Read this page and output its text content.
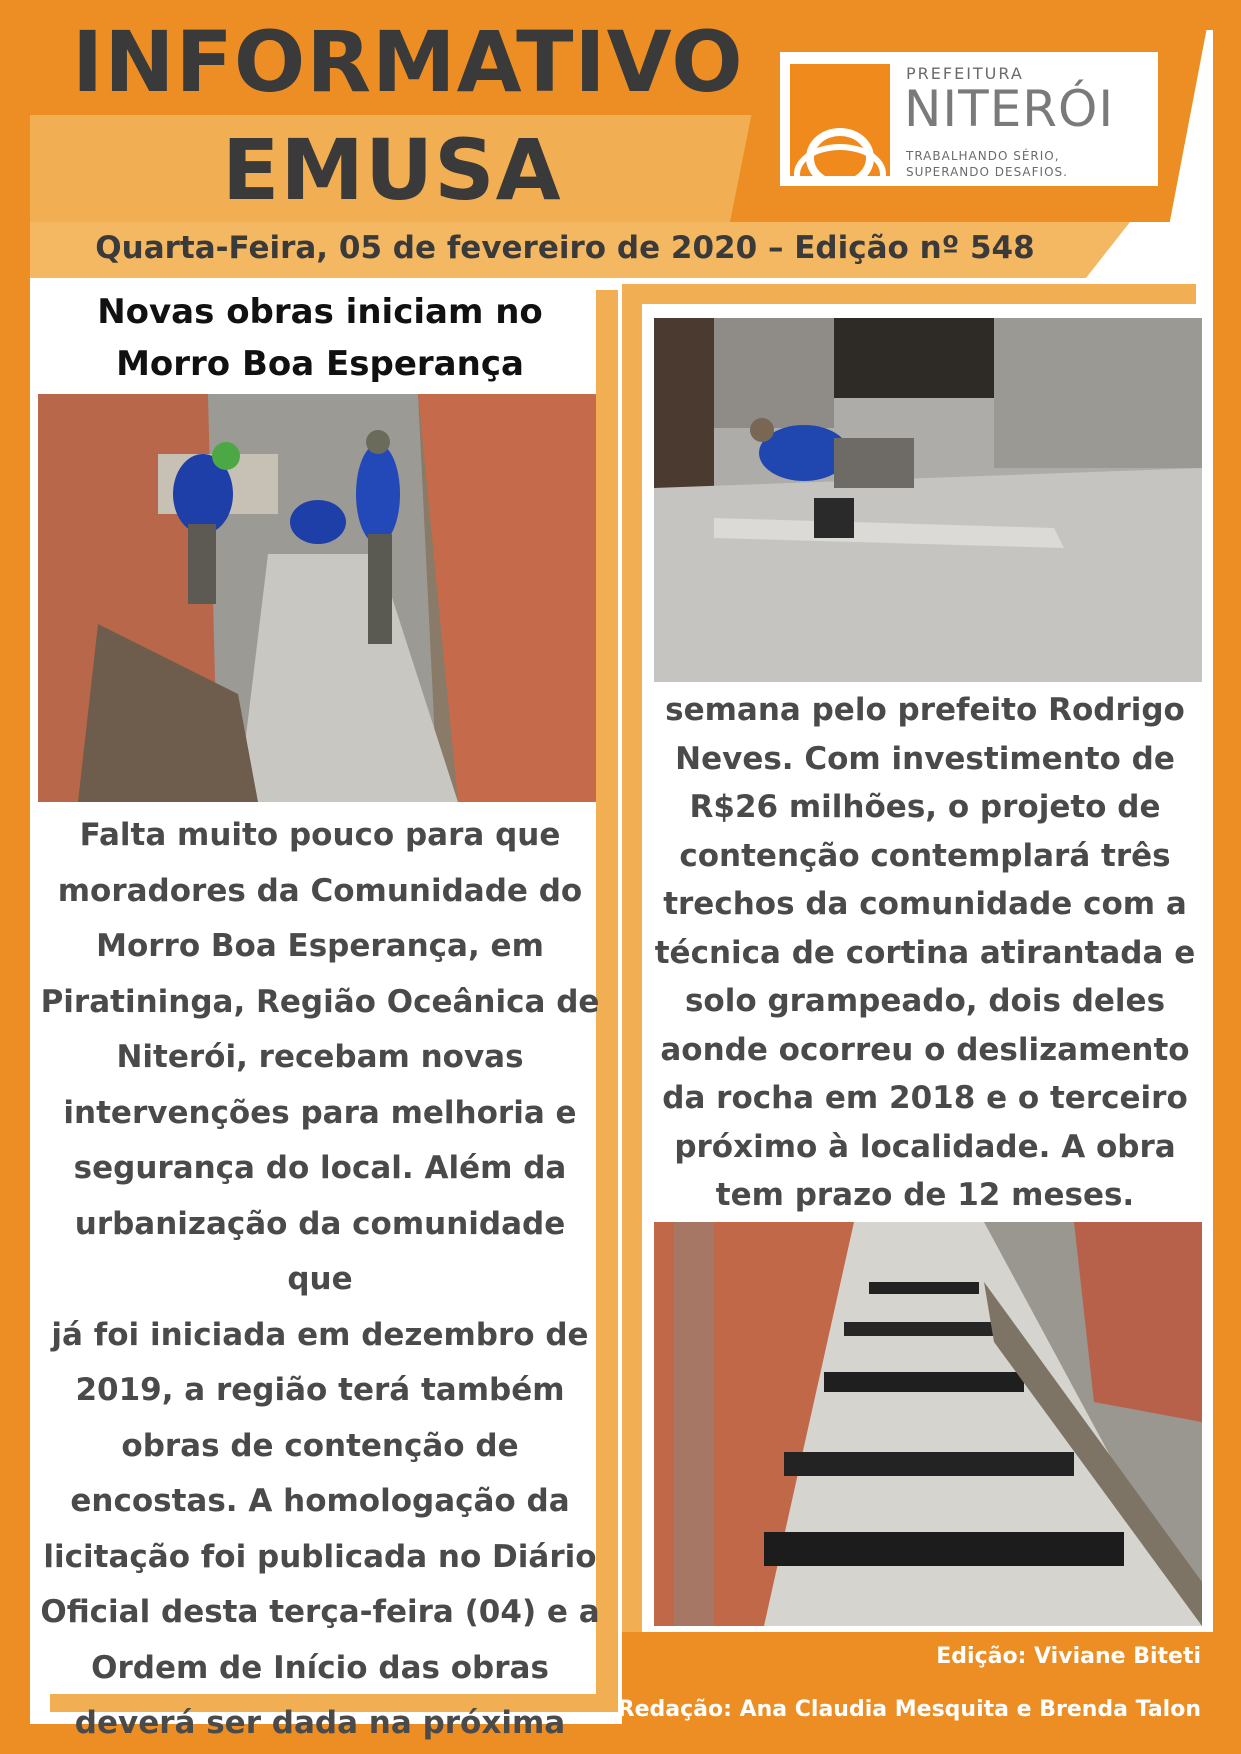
INFORMATIVO
EMUSA
Quarta-Feira, 05 de fevereiro de 2020 – Edição nº 548
PREFEITURA
NITERÓI
TRABALHANDO SÉRIO,
SUPERANDO DESAFIOS.
Novas obras iniciam no
Morro Boa Esperança
Falta muito pouco para que
moradores da Comunidade do
Morro Boa Esperança, em
Piratininga, Região Oceânica de
Niterói, recebam novas
intervenções para melhoria e
segurança do local. Além da
urbanização da comunidade que
já foi iniciada em dezembro de
2019, a região terá também
obras de contenção de
encostas. A homologação da
licitação foi publicada no Diário
Oficial desta terça-feira (04) e a
Ordem de Início das obras
deverá ser dada na próxima
semana pelo prefeito Rodrigo
Neves. Com investimento de
R$26 milhões, o projeto de
contenção contemplará três
trechos da comunidade com a
técnica de cortina atirantada e
solo grampeado, dois deles
aonde ocorreu o deslizamento
da rocha em 2018 e o terceiro
próximo à localidade. A obra
tem prazo de 12 meses.
Edição: Viviane Biteti
Redação: Ana Claudia Mesquita e Brenda Talon
